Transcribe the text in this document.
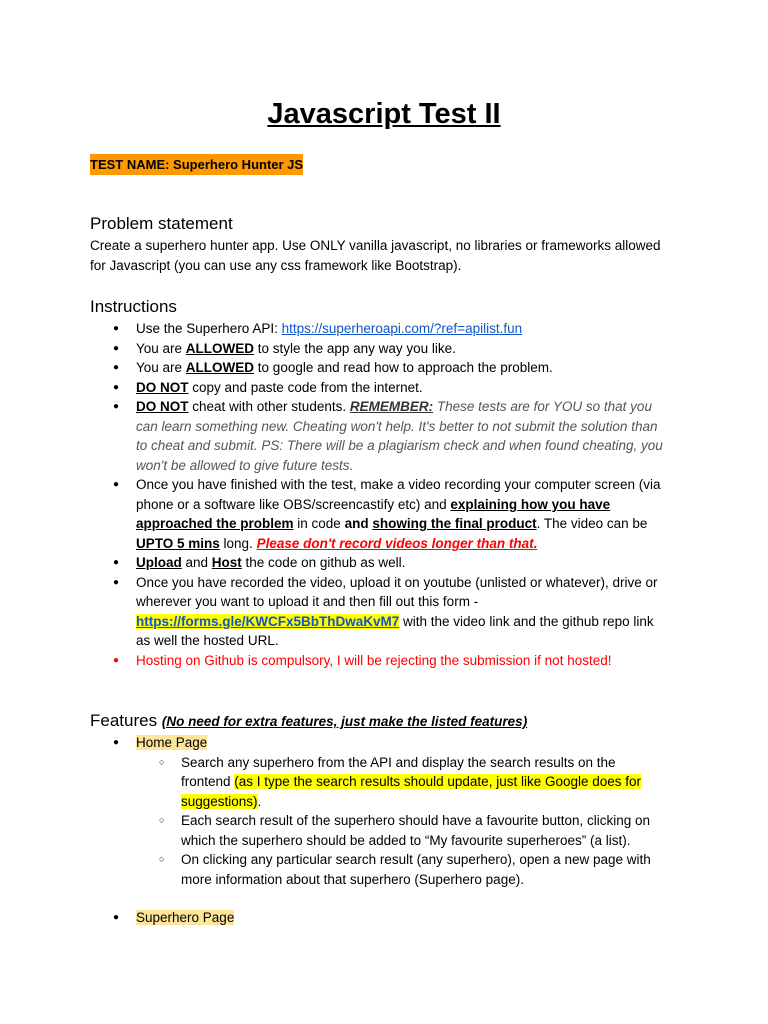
Javascript Test II
TEST NAME: Superhero Hunter JS
Problem statement
Create a superhero hunter app. Use ONLY vanilla javascript, no libraries or frameworks allowed
for Javascript (you can use any css framework like Bootstrap).
Instructions
● Use the Superhero API: https://superheroapi.com/?ref=apilist.fun
● You are ALLOWED to style the app any way you like.
● You are ALLOWED to google and read how to approach the problem.
● DO NOT copy and paste code from the internet.
● DO NOT cheat with other students. REMEMBER: These tests are for YOU so that you
can learn something new. Cheating won't help. It's better to not submit the solution than
to cheat and submit. PS: There will be a plagiarism check and when found cheating, you
won't be allowed to give future tests.
● Once you have finished with the test, make a video recording your computer screen (via
phone or a software like OBS/screencastify etc) and explaining how you have
approached the problem in code and showing the final product. The video can be
UPTO 5 mins long. Please don't record videos longer than that.
● Upload and Host the code on github as well.
● Once you have recorded the video, upload it on youtube (unlisted or whatever), drive or
wherever you want to upload it and then fill out this form -
https://forms.gle/KWCFx5BbThDwaKvM7 with the video link and the github repo link
as well the hosted URL.
● Hosting on Github is compulsory, I will be rejecting the submission if not hosted!
Features (No need for extra features, just make the listed features)
● Home Page
○ Search any superhero from the API and display the search results on the
frontend (as I type the search results should update, just like Google does for
suggestions).
○ Each search result of the superhero should have a favourite button, clicking on
which the superhero should be added to “My favourite superheroes” (a list).
○ On clicking any particular search result (any superhero), open a new page with
more information about that superhero (Superhero page).
● Superhero Page
